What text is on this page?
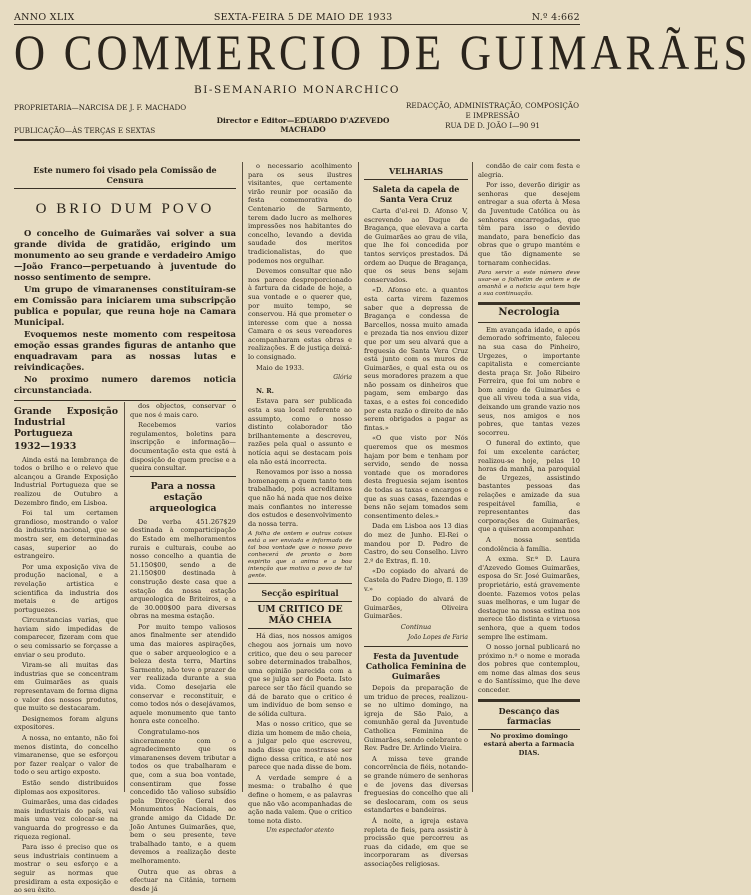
ANNO XLIX	SEXTA-FEIRA 5 DE MAIO DE 1933	N.º 4:662
O COMMERCIO DE GUIMARÃES
BI-SEMANARIO MONARCHICO
PROPRIETARIA—NARCISA DE J. F. MACHADO
PUBLICAÇÃO—ÀS TERÇAS E SEXTAS
Director e Editor—EDUARDO D'AZEVEDO MACHADO
REDACÇÃO, ADMINISTRAÇÃO, COMPOSIÇÃO
E IMPRESSÃO
RUA DE D. JOÃO I—90 91
Este numero foi visado pela Comissão de Censura
O BRIO DUM POVO

O concelho de Guimarães vai solver a sua grande divida de gratidão, erigindo um monumento ao seu grande e verdadeiro Amigo—João Franco—perpetuando à juventude do nosso sentimento de sempre.

Um grupo de vimaranenses constituiram-se em Comissão para iniciarem uma subscripção publica e popular, que reuna hoje na Camara Municipal.

Evoquemos neste momento com respeitosa emoção essas grandes figuras de antanho que enquadravam para as nossas lutas e reivindicações.

No proximo numero daremos noticia circunstanciada.

Grande Exposição Industrial Portugueza
1932—1933

Ainda está na lembrança de todos o brilho e o relevo que alcançou a Grande Exposição Industrial Portugueza que se realizou de Outubro a Dezembro findo, em Lisboa.

Foi tal um certamen grandioso, mostrando o valor da industria nacional, que se mostra ser, em determinadas casas, superior ao do estrangeiro.

Por uma exposição viva de produção nacional, e a revelação artistica e scientifica da industria dos metais e de artigos portuguezes.

Circunstancias varias, que haviam sido impedidas de comparecer, fizeram com que o seu comissario se forçasse a enviar o seu produto.

Viram-se ali muitas das industrias que se concentram em Guimarães as quais representavam de forma digna o valor dos nossos produtos, que muito se destacaram.

Designemos foram alguns expositores.

A nossa, no entanto, não foi menos distinta, do concelho vimaranense, que se esforçou por fazer realçar o valor de todo o seu artigo exposto.

Estão sendo distribuidos diplomas aos expositores.

Guimarães, uma das cidades mais industriais do país, vai mais uma vez colocar-se na vanguarda do progresso e da riqueza regional.

Para isso é preciso que os seus industriais continuem a mostrar o seu esforço e a seguir as normas que presidiram a esta exposição e ao seu êxito.

dos objectos, conservar o que nos é mais caro.

Recebemos varios regulamentos, boletins para inscripção e informação—documentação esta que está à disposição de quem precise e a queira consultar.

Para a nossa estação arqueologica

De verba 451.267$29 destinada à comparticipação do Estado em melhoramentos rurais e culturais, coube ao nosso concelho a quantia de 51.150$00, sendo a de 21.150$00 destinada à construção deste casa que a estação da nossa estação arqueologica de Briteiros, e a de 30.000$00 para diversas obras na mesma estação.

Por muito tempo valiosos anos finalmente ser atendido uma das maiores aspirações, que o saber arqueologico e a beleza desta terra, Martins Sarmento, não teve o prazer de ver realizada durante a sua vida. Como desejaria ele conservar e reconstituir, e como todos nós o desejávamos, aquele monumento que tanto honra este concelho.

Congratulamo-nos sinceramente com o agradecimento que os vimaranenses devem tributar a todos os que trabalharam e que, com a sua boa vontade, consentiram que fosse concedido tão valioso subsídio pela Direcção Geral dos Monumentos Nacionais, ao grande amigo da Cidade Dr. João Antunes Guimarães, que, bem o seu presente, teve trabalhado tanto, e a quem devemos a realização deste melhoramento.

Outra que as obras a efectuar na Citânia, tornem desde já

o necessario acolhimento para os seus ilustres visitantes, que certamente virão reunir por ocasião da festa comemorativa do Centenario de Sarmento, terem dado lucro as melhores impressões nos habitantes do concelho, levando a devida saudade dos meritos tradicionalistas, do que podemos nos orgulhar.

Devemos consultar que não nos parece desproporcionado à fartura da cidade de hoje, a sua vontade e o querer que, por muito tempo, se conservou. Há que prometer o interesse com que a nossa Camara e os seus vereadores acompanharam estas obras e realizações. É de justiça deixá-lo consignado.

Maio de 1933.

Glória

N. R.

Estava para ser publicada esta a sua local referente ao assumpto, como o nosso distinto colaborador tão brilhantemente a descreveu, razões pela qual o assunto e notícia aqui se destacam pois ela não está incorrecta.

Renovamos por isso a nossa homenagem a quem tanto tem trabalhado, pois acreditamos que não há nada que nos deixe mais confiantes no interesse dos estudos e desenvolvimento da nossa terra.

A folha de ontem e outras coisas está a ser enviada e informada de tal boa vontade que o nosso povo conhecerá de pronto o bom espirito que a anima e a boa intenção que motiva o povo de tal gente.
Secção espiritual
UM CRITICO DE MÃO CHEIA

Há dias, nos nossos amigos chegou aos jornais um novo critico, que deu o seu parecer sobre determinados trabalhos, uma opinião parecida com a que se julga ser do Poeta. Isto parece ser tão fácil quando se dá de barato que o critico é um indivíduo de bom senso e de sólida cultura.

Mas o nosso critico, que se dizia um homem de mão cheia, a julgar pelo que escreveu, nada disse que mostrasse ser digno dessa crítica, e até nos parece que nada disse de bom.

A verdade sempre é a mesma: o trabalho é que define o homem, e as palavras que não vão acompanhadas de ação nada valem. Que o critico tome nota disto.

Um espectador atento
VELHARIAS
Saleta da capela de Santa Vera Cruz

Carta d'el-rei D. Afonso V, escrevendo ao Duque de Bragança, que elevava a carta de Guimarães ao grau de vila, que lhe foi concedida por tantos serviços prestados. Dá ordem ao Duque de Bragança, que os seus bens sejam conservados.

«D. Afonso etc. a quantos esta carta virem fazemos saber que a depressa de Bragança e condessa de Barcellos, nossa muito amada e prezada tia nos enviou dizer que por um seu alvará que a freguesia de Santa Vera Cruz está junto com os muros de Guimarães, e qual esta ou os seus moradores prazem a que não possam os dinheiros que pagam, sem embargo das taxas, e a estes foi concedido por esta razão o direito de não serem obrigados a pagar as fintas.»

«O que visto por Nós queremos que os mesmos hajam por bem e tenham por servido, sendo de nossa vontade que os moradores desta freguesia sejam isentos de todas as taxas e encargos e que as suas casas, fazendas e bens não sejam tomados sem consentimento deles.»

Dada em Lisboa aos 13 dias do mez de Junho. El-Rei o mandou por D. Pedro de Castro, do seu Conselho. Livro 2.º de Extras, fl. 10.

«Do copiado do alvará de Castela do Padre Diogo, fl. 139 v.»

Do copiado do alvará de Guimarães, Oliveira Guimarães.

Continua
João Lopes de Faria
Festa da Juventude Catholica Feminina de Guimarães

Depois da preparação de um triduo de preces, realizou-se no ultimo domingo, na igreja de São Paio, a comunhão geral da Juventude Catholica Feminina de Guimarães, sendo celebrante o Rev. Padre Dr. Arlindo Vieira.

A missa teve grande concorrência de fiéis, notando-se grande número de senhoras e de jovens das diversas freguesias do concelho que ali se deslocaram, com os seus estandartes e bandeiras.

Á noite, a igreja estava repleta de fieis, para assistir à procissão que percorreu as ruas da cidade, em que se incorporaram as diversas associações religiosas.

condão de cair com festa e alegria.

Por isso, deverão dirigir as senhoras que desejem entregar a sua oferta à Mesa da Juventude Católica ou às senhoras encarregadas, que têm para isso o devido mandato, para benefício das obras que o grupo mantém e que tão dignamente se tornaram conhecidas.

Para servir a este número deve usar-se o folhetim de ontem e de amanhã e a noticia aqui tem hoje a sua continuação.
Necrologia

Em avançada idade, e após demorado sofrimento, faleceu na sua casa do Pinheiro, Urgezes, o importante capitalista e comerciante desta praça Sr. João Ribeiro Ferreira, que foi um nobre e bom amigo de Guimarães e que ali viveu toda a sua vida, deixando um grande vazio nos seus, nos amigos e nos pobres, que tantas vezes socorreu.

O funeral do extinto, que foi um excelente carácter, realizou-se hoje, pelas 10 horas da manhã, na paroquial de Urgezes, assistindo bastantes pessoas das relações e amizade da sua respeitável família, e representantes das corporações de Guimarães, que a quiseram acompanhar.

A nossa sentida condolência à família.

A exma. Sr.ª D. Laura d'Azevedo Gomes Guimarães, esposa do Sr. José Guimarães, proprietário, está gravemente doente. Fazemos votos pelas suas melhoras, e um lugar de destaque na nossa estima nos merece tão distinta e virtuosa senhora, que a quem todos sempre lhe estimam.

O nosso jornal publicará no próximo n.º o nome e morada dos pobres que contemplou, em nome das almas dos seus e do Santíssimo, que lhe deve conceder.

Descanço das farmacias
No proximo domingo estará aberta a farmacia DIAS.
